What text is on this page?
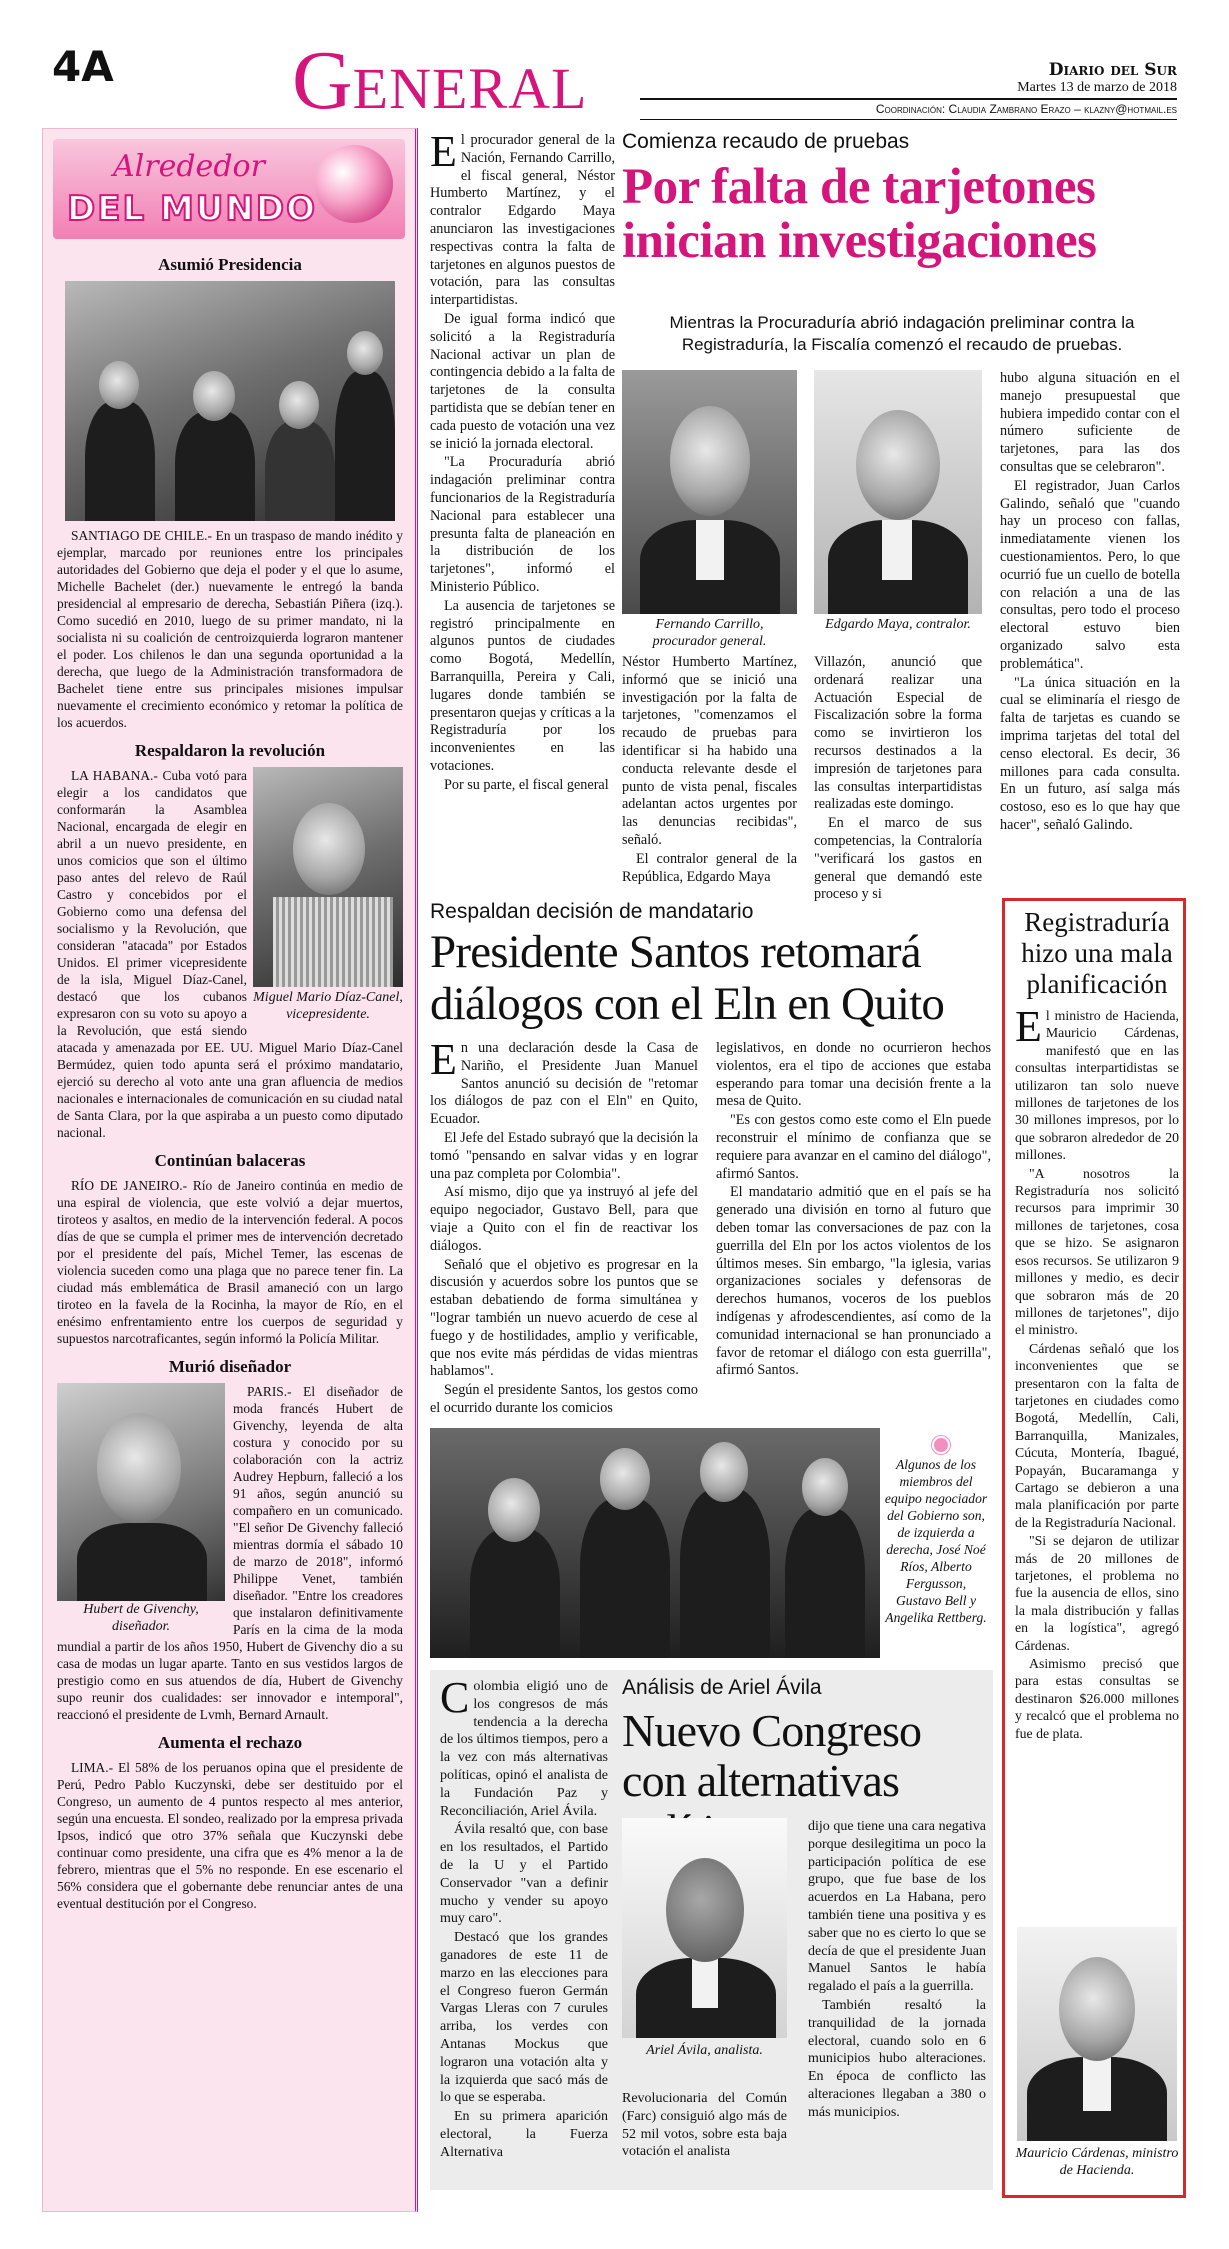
4A GENERAL	Diario del Sur
Martes 13 de marzo de 2018
Coordinación: Claudia Zambrano Erazo – klazny@hotmail.es
Alrededor
DEL MUNDO
Asumió Presidencia

SANTIAGO DE CHILE.- En un traspaso de mando inédito y ejemplar, marcado por reuniones entre los principales autoridades del Gobierno que deja el poder y el que lo asume, Michelle Bachelet (der.) nuevamente le entregó la banda presidencial al empresario de derecha, Sebastián Piñera (izq.). Como sucedió en 2010, luego de su primer mandato, ni la socialista ni su coalición de centroizquierda lograron mantener el poder. Los chilenos le dan una segunda oportunidad a la derecha, que luego de la Administración transformadora de Bachelet tiene entre sus principales misiones impulsar nuevamente el crecimiento económico y retomar la política de los acuerdos.

Respaldaron la revolución
Miguel Mario Díaz-Canel, vicepresidente.

LA HABANA.- Cuba votó para elegir a los candidatos que conformarán la Asamblea Nacional, encargada de elegir en abril a un nuevo presidente, en unos comicios que son el último paso antes del relevo de Raúl Castro y concebidos por el Gobierno como una defensa del socialismo y la Revolución, que consideran "atacada" por Estados Unidos. El primer vicepresidente de la isla, Miguel Díaz-Canel, destacó que los cubanos expresaron con su voto su apoyo a la Revolución, que está siendo atacada y amenazada por EE. UU. Miguel Mario Díaz-Canel Bermúdez, quien todo apunta será el próximo mandatario, ejerció su derecho al voto ante una gran afluencia de medios nacionales e internacionales de comunicación en su ciudad natal de Santa Clara, por la que aspiraba a un puesto como diputado nacional.

Continúan balaceras

RÍO DE JANEIRO.- Río de Janeiro continúa en medio de una espiral de violencia, que este volvió a dejar muertos, tiroteos y asaltos, en medio de la intervención federal. A pocos días de que se cumpla el primer mes de intervención decretado por el presidente del país, Michel Temer, las escenas de violencia suceden como una plaga que no parece tener fin. La ciudad más emblemática de Brasil amaneció con un largo tiroteo en la favela de la Rocinha, la mayor de Río, en el enésimo enfrentamiento entre los cuerpos de seguridad y supuestos narcotraficantes, según informó la Policía Militar.

Murió diseñador
Hubert de Givenchy, diseñador.

PARIS.- El diseñador de moda francés Hubert de Givenchy, leyenda de alta costura y conocido por su colaboración con la actriz Audrey Hepburn, falleció a los 91 años, según anunció su compañero en un comunicado. "El señor De Givenchy falleció mientras dormía el sábado 10 de marzo de 2018", informó Philippe Venet, también diseñador. "Entre los creadores que instalaron definitivamente París en la cima de la moda mundial a partir de los años 1950, Hubert de Givenchy dio a su casa de modas un lugar aparte. Tanto en sus vestidos largos de prestigio como en sus atuendos de día, Hubert de Givenchy supo reunir dos cualidades: ser innovador e intemporal", reaccionó el presidente de Lvmh, Bernard Arnault.

Aumenta el rechazo

LIMA.- El 58% de los peruanos opina que el presidente de Perú, Pedro Pablo Kuczynski, debe ser destituido por el Congreso, un aumento de 4 puntos respecto al mes anterior, según una encuesta. El sondeo, realizado por la empresa privada Ipsos, indicó que otro 37% señala que Kuczynski debe continuar como presidente, una cifra que es 4% menor a la de febrero, mientras que el 5% no responde. En ese escenario el 56% considera que el gobernante debe renunciar antes de una eventual destitución por el Congreso.

El procurador general de la Nación, Fernando Carrillo, el fiscal general, Néstor Humberto Martínez, y el contralor Edgardo Maya anunciaron las investigaciones respectivas contra la falta de tarjetones en algunos puestos de votación, para las consultas interpartidistas.

De igual forma indicó que solicitó a la Registraduría Nacional activar un plan de contingencia debido a la falta de tarjetones de la consulta partidista que se debían tener en cada puesto de votación una vez se inició la jornada electoral.

"La Procuraduría abrió indagación preliminar contra funcionarios de la Registraduría Nacional para establecer una presunta falta de planeación en la distribución de los tarjetones", informó el Ministerio Público.

La ausencia de tarjetones se registró principalmente en algunos puntos de ciudades como Bogotá, Medellín, Barranquilla, Pereira y Cali, lugares donde también se presentaron quejas y críticas a la Registraduría por los inconvenientes en las votaciones.

Por su parte, el fiscal general

Comienza recaudo de pruebas
Por falta de tarjetones inician investigaciones
Mientras la Procuraduría abrió indagación preliminar contra la Registraduría, la Fiscalía comenzó el recaudo de pruebas.
Fernando Carrillo, procurador general.
Edgardo Maya, contralor.

Néstor Humberto Martínez, informó que se inició una investigación por la falta de tarjetones, "comenzamos el recaudo de pruebas para identificar si ha habido una conducta relevante desde el punto de vista penal, fiscales adelantan actos urgentes por las denuncias recibidas", señaló.

El contralor general de la República, Edgardo Maya

Villazón, anunció que ordenará realizar una Actuación Especial de Fiscalización sobre la forma como se invirtieron los recursos destinados a la impresión de tarjetones para las consultas interpartidistas realizadas este domingo.

En el marco de sus competencias, la Contraloría "verificará los gastos en general que demandó este proceso y si

hubo alguna situación en el manejo presupuestal que hubiera impedido contar con el número suficiente de tarjetones, para las dos consultas que se celebraron".

El registrador, Juan Carlos Galindo, señaló que "cuando hay un proceso con fallas, inmediatamente vienen los cuestionamientos. Pero, lo que ocurrió fue un cuello de botella con relación a una de las consultas, pero todo el proceso electoral estuvo bien organizado salvo esta problemática".

"La única situación en la cual se eliminaría el riesgo de falta de tarjetas es cuando se imprima tarjetas del total del censo electoral. Es decir, 36 millones para cada consulta. En un futuro, así salga más costoso, eso es lo que hay que hacer", señaló Galindo.

Respaldan decisión de mandatario
Presidente Santos retomará diálogos con el Eln en Quito

En una declaración desde la Casa de Nariño, el Presidente Juan Manuel Santos anunció su decisión de "retomar los diálogos de paz con el Eln" en Quito, Ecuador.

El Jefe del Estado subrayó que la decisión la tomó "pensando en salvar vidas y en lograr una paz completa por Colombia".

Así mismo, dijo que ya instruyó al jefe del equipo negociador, Gustavo Bell, para que viaje a Quito con el fin de reactivar los diálogos.

Señaló que el objetivo es progresar en la discusión y acuerdos sobre los puntos que se estaban debatiendo de forma simultánea y "lograr también un nuevo acuerdo de cese al fuego y de hostilidades, amplio y verificable, que nos evite más pérdidas de vidas mientras hablamos".

Según el presidente Santos, los gestos como el ocurrido durante los comicios

legislativos, en donde no ocurrieron hechos violentos, era el tipo de acciones que estaba esperando para tomar una decisión frente a la mesa de Quito.

"Es con gestos como este como el Eln puede reconstruir el mínimo de confianza que se requiere para avanzar en el camino del diálogo", afirmó Santos.

El mandatario admitió que en el país se ha generado una división en torno al futuro que deben tomar las conversaciones de paz con la guerrilla del Eln por los actos violentos de los últimos meses. Sin embargo, "la iglesia, varias organizaciones sociales y defensoras de derechos humanos, voceros de los pueblos indígenas y afrodescendientes, así como de la comunidad internacional se han pronunciado a favor de retomar el diálogo con esta guerrilla", afirmó Santos.

Algunos de los miembros del equipo negociador del Gobierno son, de izquierda a derecha, José Noé Ríos, Alberto Fergusson, Gustavo Bell y Angelika Rettberg.

Colombia eligió uno de los congresos de más tendencia a la derecha de los últimos tiempos, pero a la vez con más alternativas políticas, opinó el analista de la Fundación Paz y Reconciliación, Ariel Ávila.

Ávila resaltó que, con base en los resultados, el Partido de la U y el Partido Conservador "van a definir mucho y vender su apoyo muy caro".

Destacó que los grandes ganadores de este 11 de marzo en las elecciones para el Congreso fueron Germán Vargas Lleras con 7 curules arriba, los verdes con Antanas Mockus que lograron una votación alta y la izquierda que sacó más de lo que se esperaba.

En su primera aparición electoral, la Fuerza Alternativa

Análisis de Ariel Ávila
Nuevo Congreso con alternativas
Ariel Ávila, analista.

Revolucionaria del Común (Farc) consiguió algo más de 52 mil votos, sobre esta baja votación el analista

dijo que tiene una cara negativa porque desilegitima un poco la participación política de ese grupo, que fue base de los acuerdos en La Habana, pero también tiene una positiva y es saber que no es cierto lo que se decía de que el presidente Juan Manuel Santos le había regalado el país a la guerrilla.

También resaltó la tranquilidad de la jornada electoral, cuando solo en 6 municipios hubo alteraciones. En época de conflicto las alteraciones llegaban a 380 o más municipios.

Registraduría hizo una mala planificación

El ministro de Hacienda, Mauricio Cárdenas, manifestó que en las consultas interpartidistas se utilizaron tan solo nueve millones de tarjetones de los 30 millones impresos, por lo que sobraron alrededor de 20 millones.

"A nosotros la Registraduría nos solicitó recursos para imprimir 30 millones de tarjetones, cosa que se hizo. Se asignaron esos recursos. Se utilizaron 9 millones y medio, es decir que sobraron más de 20 millones de tarjetones", dijo el ministro.

Cárdenas señaló que los inconvenientes que se presentaron con la falta de tarjetones en ciudades como Bogotá, Medellín, Cali, Barranquilla, Manizales, Cúcuta, Montería, Ibagué, Popayán, Bucaramanga y Cartago se debieron a una mala planificación por parte de la Registraduría Nacional.

"Si se dejaron de utilizar más de 20 millones de tarjetones, el problema no fue la ausencia de ellos, sino la mala distribución y fallas en la logística", agregó Cárdenas.

Asimismo precisó que para estas consultas se destinaron $26.000 millones y recalcó que el problema no fue de plata.

Mauricio Cárdenas, ministro de Hacienda.
